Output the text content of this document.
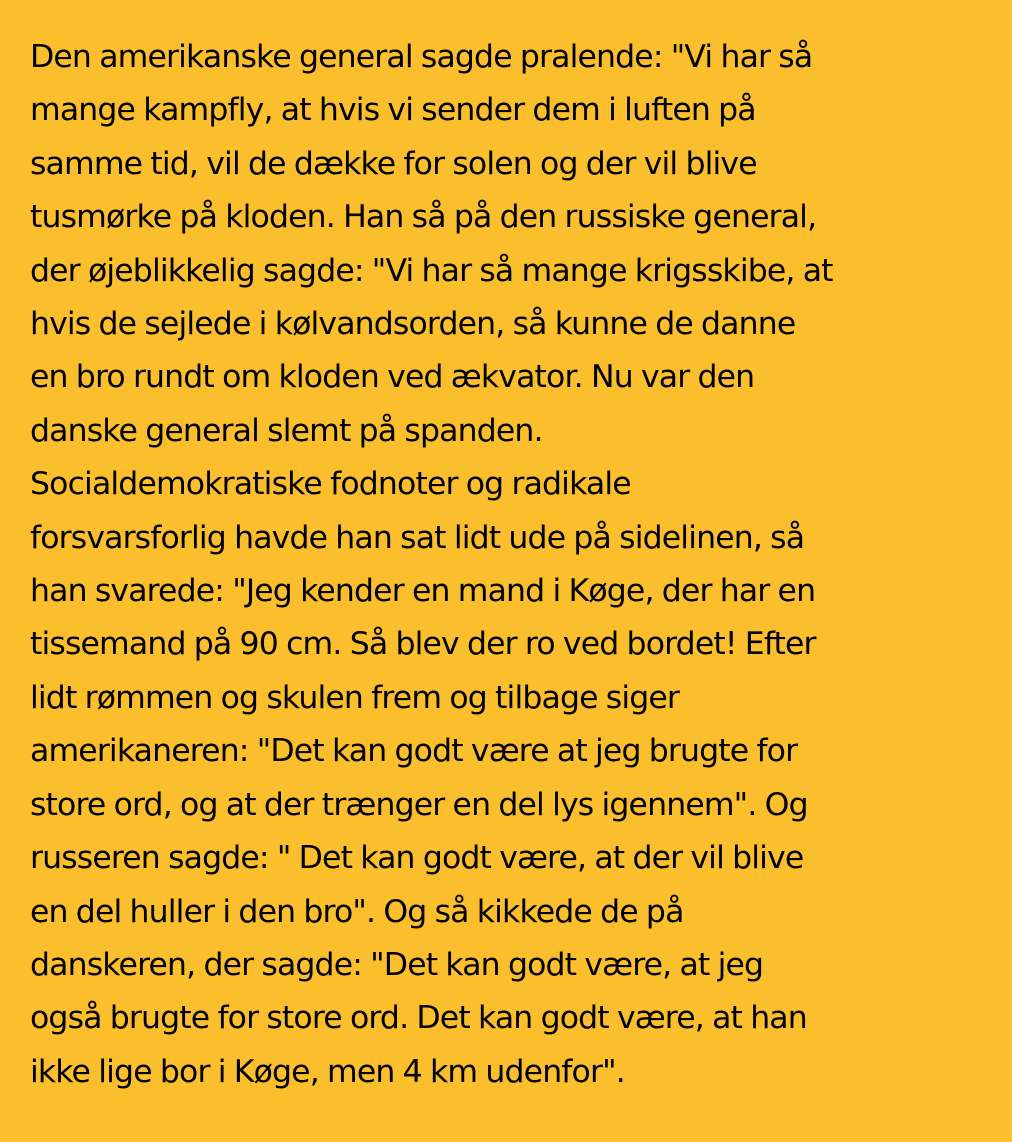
Den amerikanske general sagde pralende: "Vi har så
mange kampfly, at hvis vi sender dem i luften på
samme tid, vil de dække for solen og der vil blive
tusmørke på kloden. Han så på den russiske general,
der øjeblikkelig sagde: "Vi har så mange krigsskibe, at
hvis de sejlede i kølvandsorden, så kunne de danne
en bro rundt om kloden ved ækvator. Nu var den
danske general slemt på spanden.
Socialdemokratiske fodnoter og radikale
forsvarsforlig havde han sat lidt ude på sidelinen, så
han svarede: "Jeg kender en mand i Køge, der har en
tissemand på 90 cm. Så blev der ro ved bordet! Efter
lidt rømmen og skulen frem og tilbage siger
amerikaneren: "Det kan godt være at jeg brugte for
store ord, og at der trænger en del lys igennem". Og
russeren sagde: " Det kan godt være, at der vil blive
en del huller i den bro". Og så kikkede de på
danskeren, der sagde: "Det kan godt være, at jeg
også brugte for store ord. Det kan godt være, at han
ikke lige bor i Køge, men 4 km udenfor".
